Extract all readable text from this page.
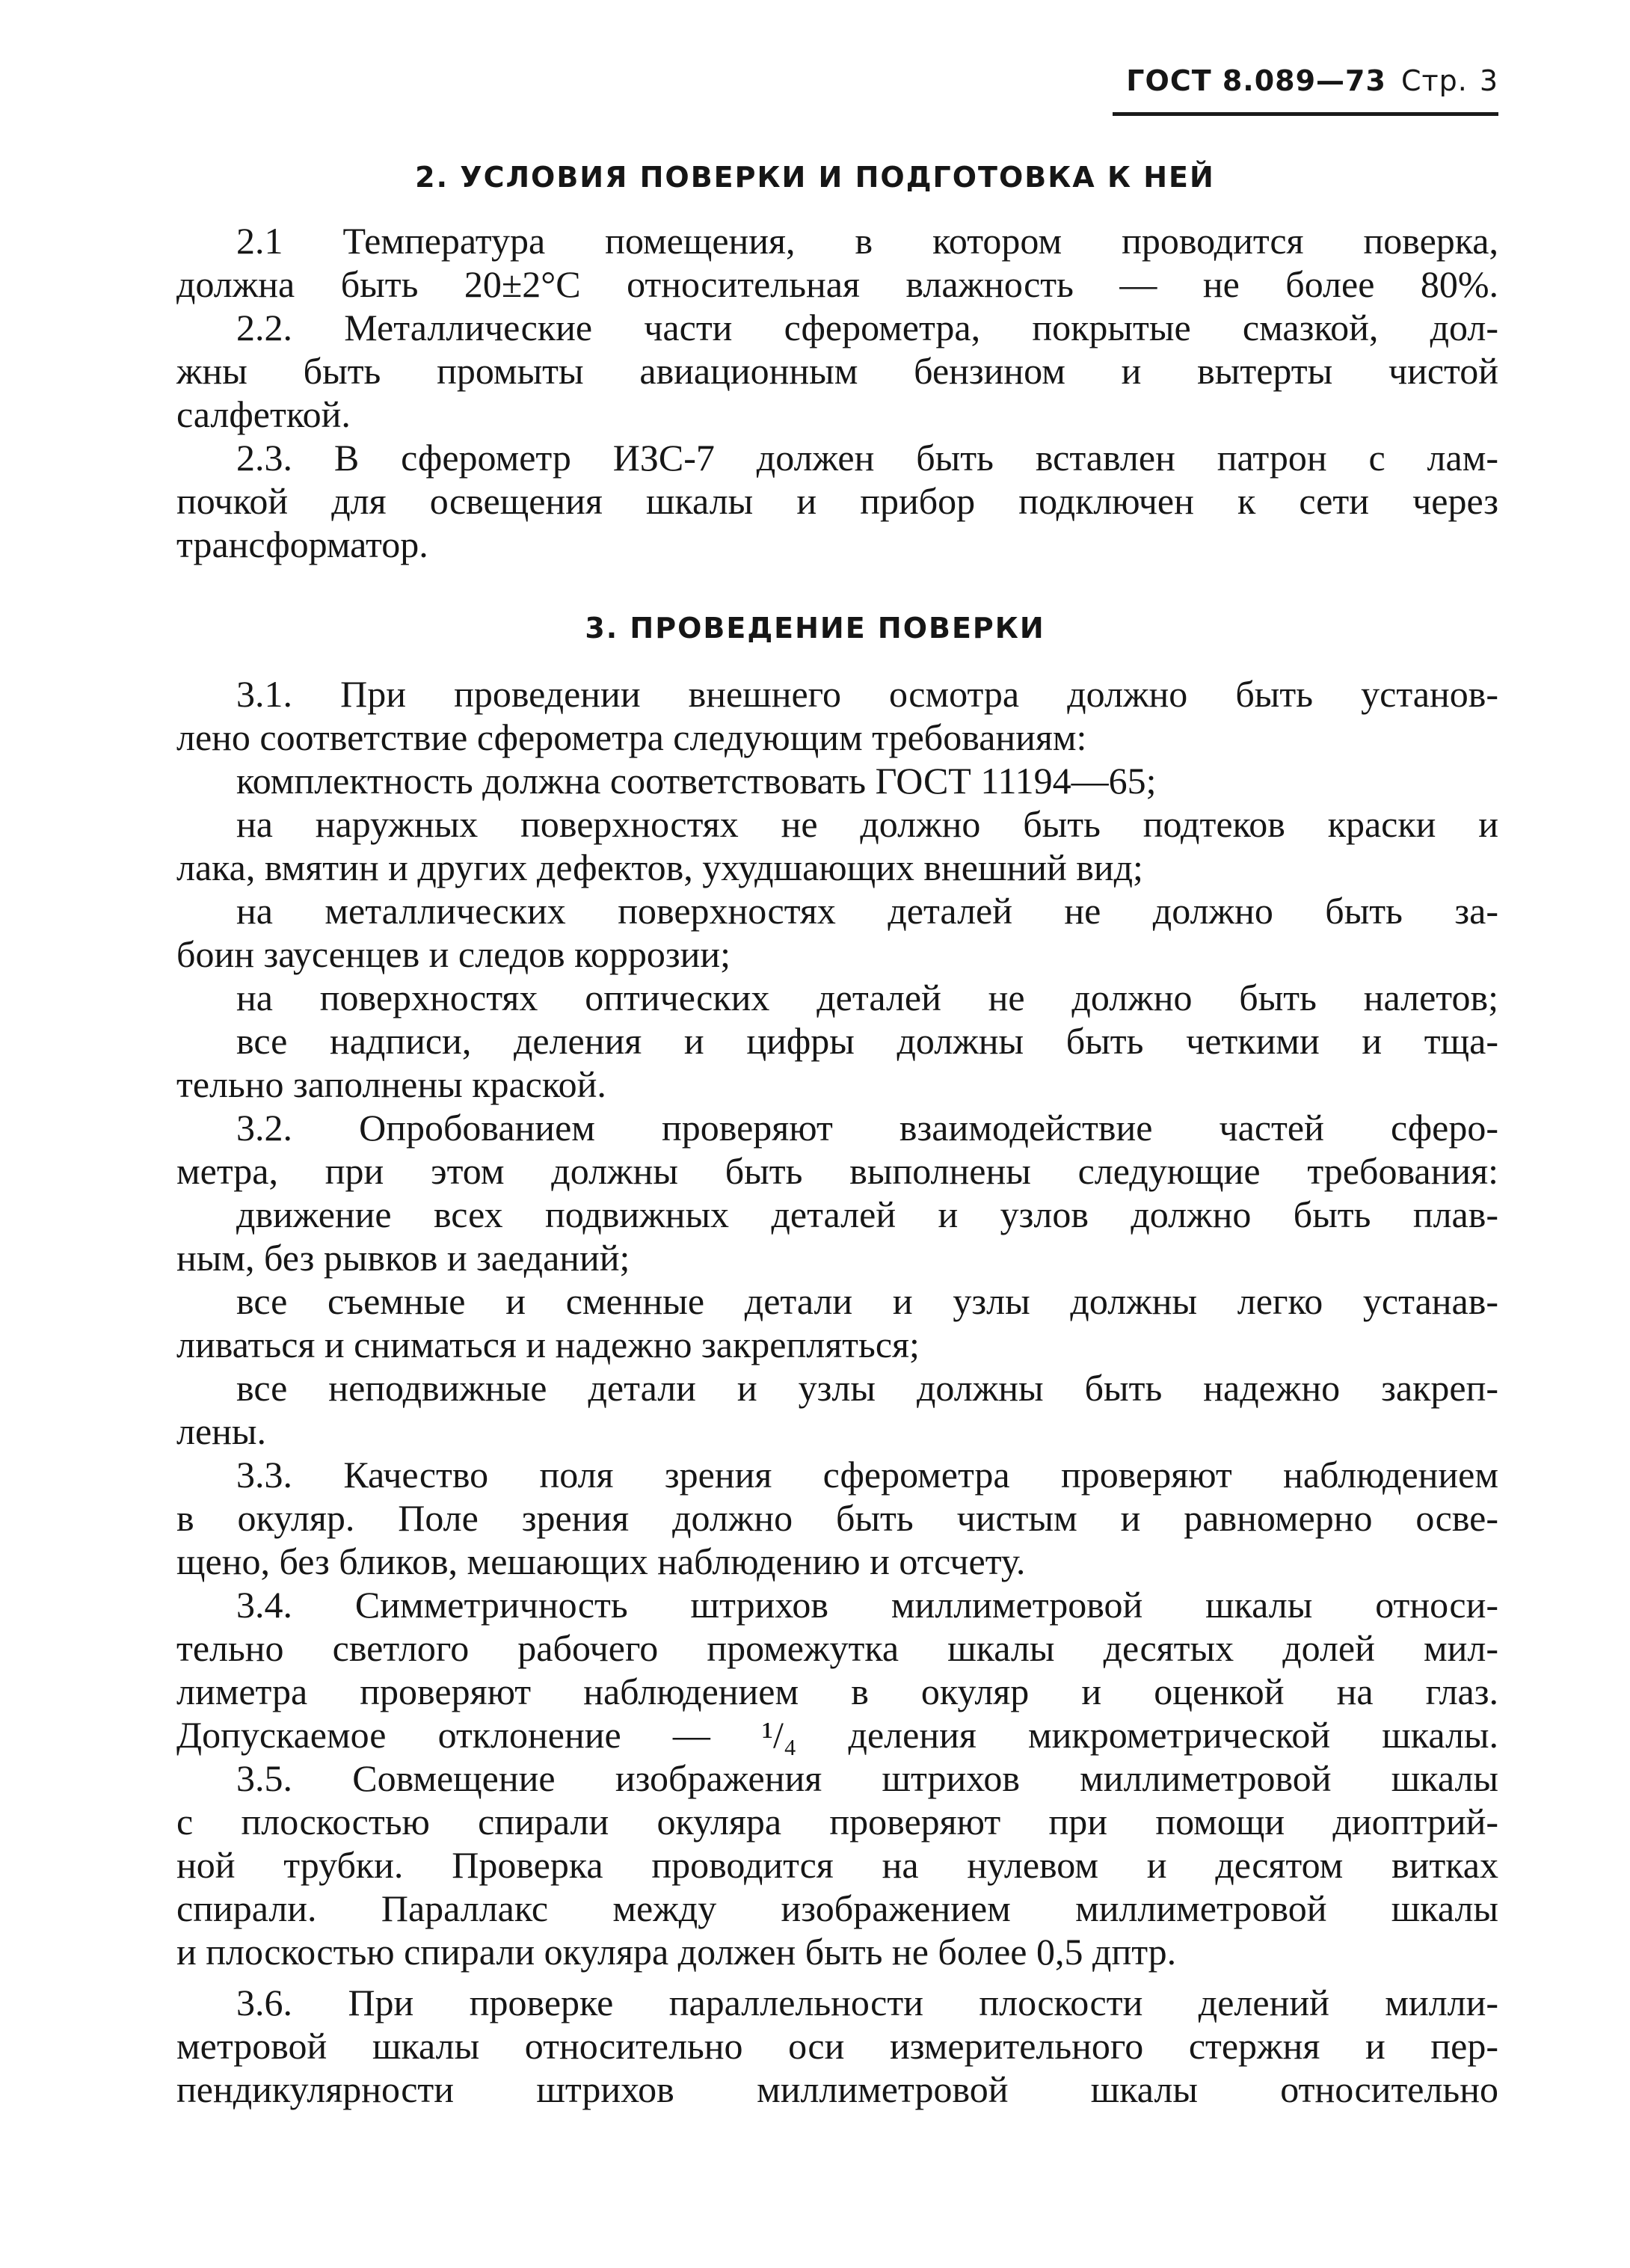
ГОСТ 8.089—73 Стр. 3
2. УСЛОВИЯ ПОВЕРКИ И ПОДГОТОВКА К НЕЙ
2.1 Температура помещения, в котором проводится поверка,
должна быть 20±2°С относительная влажность — не более 80%.
2.2. Металлические части сферометра, покрытые смазкой, дол-
жны быть промыты авиационным бензином и вытерты чистой
салфеткой.
2.3. В сферометр ИЗС-7 должен быть вставлен патрон с лам-
почкой для освещения шкалы и прибор подключен к сети через
трансформатор.
3. ПРОВЕДЕНИЕ ПОВЕРКИ
3.1. При проведении внешнего осмотра должно быть установ-
лено соответствие сферометра следующим требованиям:
комплектность должна соответствовать ГОСТ 11194—65;
на наружных поверхностях не должно быть подтеков краски и
лака, вмятин и других дефектов, ухудшающих внешний вид;
на металлических поверхностях деталей не должно быть за-
боин заусенцев и следов коррозии;
на поверхностях оптических деталей не должно быть налетов;
все надписи, деления и цифры должны быть четкими и тща-
тельно заполнены краской.
3.2. Опробованием проверяют взаимодействие частей сферо-
метра, при этом должны быть выполнены следующие требования:
движение всех подвижных деталей и узлов должно быть плав-
ным, без рывков и заеданий;
все съемные и сменные детали и узлы должны легко устанав-
ливаться и сниматься и надежно закрепляться;
все неподвижные детали и узлы должны быть надежно закреп-
лены.
3.3. Качество поля зрения сферометра проверяют наблюдением
в окуляр. Поле зрения должно быть чистым и равномерно осве-
щено, без бликов, мешающих наблюдению и отсчету.
3.4. Симметричность штрихов миллиметровой шкалы относи-
тельно светлого рабочего промежутка шкалы десятых долей мил-
лиметра проверяют наблюдением в окуляр и оценкой на глаз.
Допускаемое отклонение — ¹/₄ деления микрометрической шкалы.
3.5. Совмещение изображения штрихов миллиметровой шкалы
с плоскостью спирали окуляра проверяют при помощи диоптрий-
ной трубки. Проверка проводится на нулевом и десятом витках
спирали. Параллакс между изображением миллиметровой шкалы
и плоскостью спирали окуляра должен быть не более 0,5 дптр.
3.6. При проверке параллельности плоскости делений милли-
метровой шкалы относительно оси измерительного стержня и пер-
пендикулярности штрихов миллиметровой шкалы относительно
